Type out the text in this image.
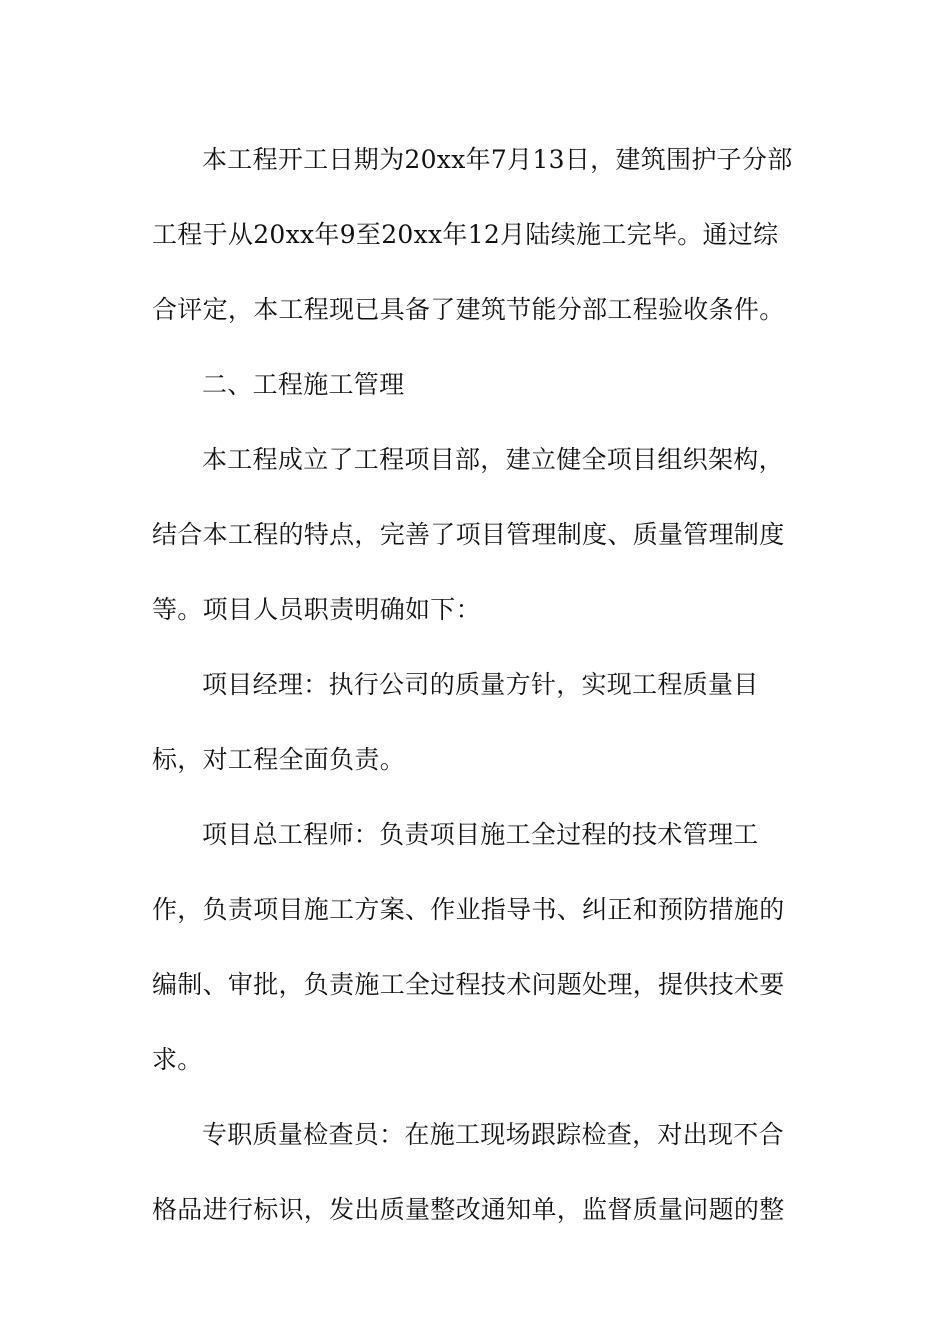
本工程开工日期为20xx年7月13日，建筑围护子分部
工程于从20xx年9至20xx年12月陆续施工完毕。通过综
合评定，本工程现已具备了建筑节能分部工程验收条件。
二、工程施工管理
本工程成立了工程项目部，建立健全项目组织架构，
结合本工程的特点，完善了项目管理制度、质量管理制度
等。项目人员职责明确如下：
项目经理：执行公司的质量方针，实现工程质量目
标，对工程全面负责。
项目总工程师：负责项目施工全过程的技术管理工
作，负责项目施工方案、作业指导书、纠正和预防措施的
编制、审批，负责施工全过程技术问题处理，提供技术要
求。
专职质量检查员：在施工现场跟踪检查，对出现不合
格品进行标识，发出质量整改通知单，监督质量问题的整
